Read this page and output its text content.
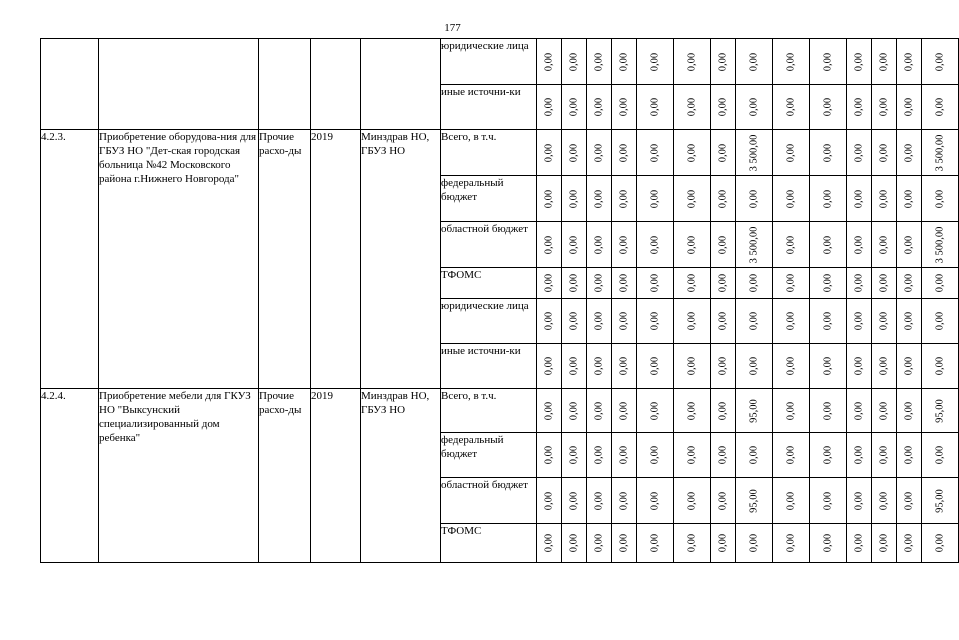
177
					юридические лица	0,00	0,00	0,00	0,00	0,00	0,00	0,00	0,00	0,00	0,00	0,00	0,00	0,00	0,00

					иные источни-ки	0,00	0,00	0,00	0,00	0,00	0,00	0,00	0,00	0,00	0,00	0,00	0,00	0,00	0,00

4.2.3.	Приобретение оборудова-ния для ГБУЗ НО "Дет-ская городская больница №42 Московского района г.Нижнего Новгорода"	Прочие расхо-ды	2019	Минздрав НО, ГБУЗ НО	Всего, в т.ч.	0,00	0,00	0,00	0,00	0,00	0,00	0,00	3 500,00	0,00	0,00	0,00	0,00	0,00	3 500,00

					федеральный бюджет	0,00	0,00	0,00	0,00	0,00	0,00	0,00	0,00	0,00	0,00	0,00	0,00	0,00	0,00

					областной бюджет	0,00	0,00	0,00	0,00	0,00	0,00	0,00	3 500,00	0,00	0,00	0,00	0,00	0,00	3 500,00

					ТФОМС	0,00	0,00	0,00	0,00	0,00	0,00	0,00	0,00	0,00	0,00	0,00	0,00	0,00	0,00

					юридические лица	0,00	0,00	0,00	0,00	0,00	0,00	0,00	0,00	0,00	0,00	0,00	0,00	0,00	0,00

					иные источни-ки	0,00	0,00	0,00	0,00	0,00	0,00	0,00	0,00	0,00	0,00	0,00	0,00	0,00	0,00

4.2.4.	Приобретение мебели для ГКУЗ НО "Выксунский специализированный дом ребенка"	Прочие расхо-ды	2019	Минздрав НО, ГБУЗ НО	Всего, в т.ч.	0,00	0,00	0,00	0,00	0,00	0,00	0,00	95,00	0,00	0,00	0,00	0,00	0,00	95,00

					федеральный бюджет	0,00	0,00	0,00	0,00	0,00	0,00	0,00	0,00	0,00	0,00	0,00	0,00	0,00	0,00

					областной бюджет	0,00	0,00	0,00	0,00	0,00	0,00	0,00	95,00	0,00	0,00	0,00	0,00	0,00	95,00

					ТФОМС	0,00	0,00	0,00	0,00	0,00	0,00	0,00	0,00	0,00	0,00	0,00	0,00	0,00	0,00
